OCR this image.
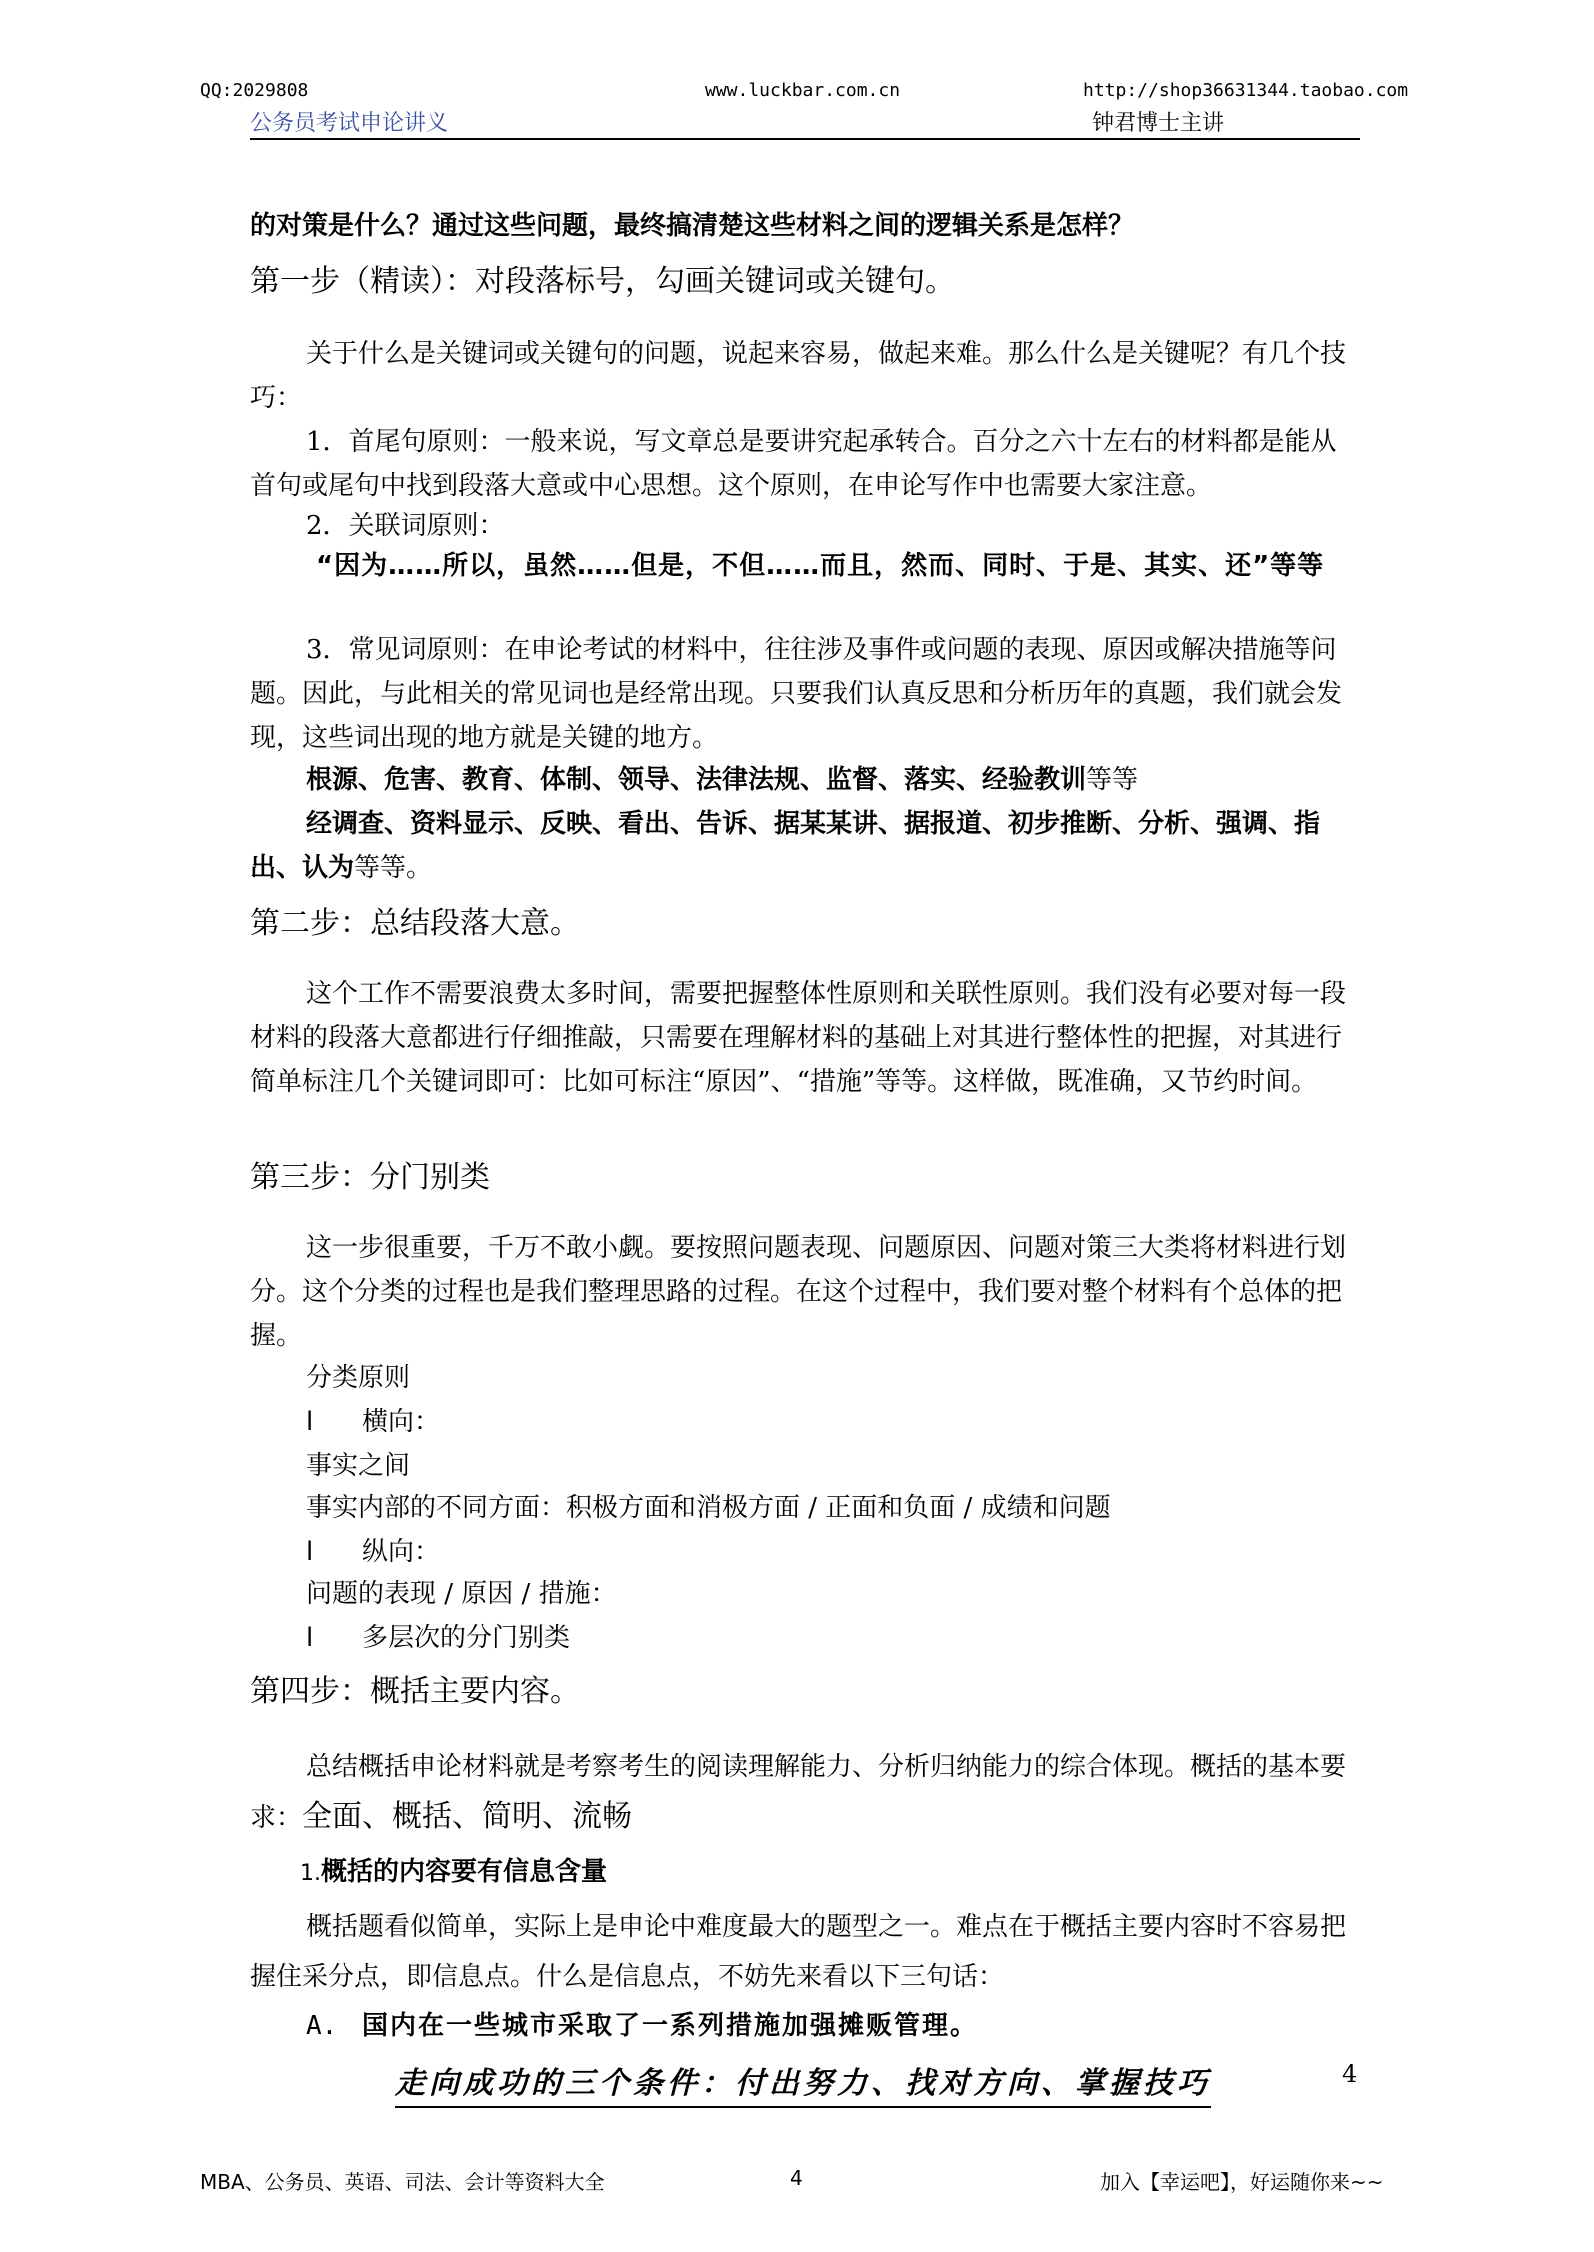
QQ:2029808	www.luckbar.com.cn	http://shop36631344.taobao.com
公务员考试申论讲义	钟君博士主讲
的对策是什么？通过这些问题，最终搞清楚这些材料之间的逻辑关系是怎样？
第一步（精读）：对段落标号，勾画关键词或关键句。
关于什么是关键词或关键句的问题，说起来容易，做起来难。那么什么是关键呢？有几个技巧：
1．首尾句原则：一般来说，写文章总是要讲究起承转合。百分之六十左右的材料都是能从首句或尾句中找到段落大意或中心思想。这个原则，在申论写作中也需要大家注意。
2．关联词原则：
“因为……所以，虽然……但是，不但……而且，然而、同时、于是、其实、还”等等
3．常见词原则：在申论考试的材料中，往往涉及事件或问题的表现、原因或解决措施等问题。因此，与此相关的常见词也是经常出现。只要我们认真反思和分析历年的真题，我们就会发现，这些词出现的地方就是关键的地方。
根源、危害、教育、体制、领导、法律法规、监督、落实、经验教训等等
经调查、资料显示、反映、看出、告诉、据某某讲、据报道、初步推断、分析、强调、指出、认为等等。
第二步：总结段落大意。
这个工作不需要浪费太多时间，需要把握整体性原则和关联性原则。我们没有必要对每一段材料的段落大意都进行仔细推敲，只需要在理解材料的基础上对其进行整体性的把握，对其进行简单标注几个关键词即可：比如可标注“原因”、“措施”等等。这样做，既准确，又节约时间。
第三步：分门别类
这一步很重要，千万不敢小觑。要按照问题表现、问题原因、问题对策三大类将材料进行划分。这个分类的过程也是我们整理思路的过程。在这个过程中，我们要对整个材料有个总体的把握。
分类原则
l 横向：
事实之间
事实内部的不同方面：积极方面和消极方面 / 正面和负面 / 成绩和问题
l 纵向：
问题的表现 / 原因 / 措施：
l 多层次的分门别类
第四步：概括主要内容。
总结概括申论材料就是考察考生的阅读理解能力、分析归纳能力的综合体现。概括的基本要求：全面、概括、简明、流畅
1.概括的内容要有信息含量
概括题看似简单，实际上是申论中难度最大的题型之一。难点在于概括主要内容时不容易把握住采分点，即信息点。什么是信息点，不妨先来看以下三句话：
A. 国内在一些城市采取了一系列措施加强摊贩管理。
走向成功的三个条件：付出努力、找对方向、掌握技巧	4
MBA、公务员、英语、司法、会计等资料大全	4	加入【幸运吧】，好运随你来~~
